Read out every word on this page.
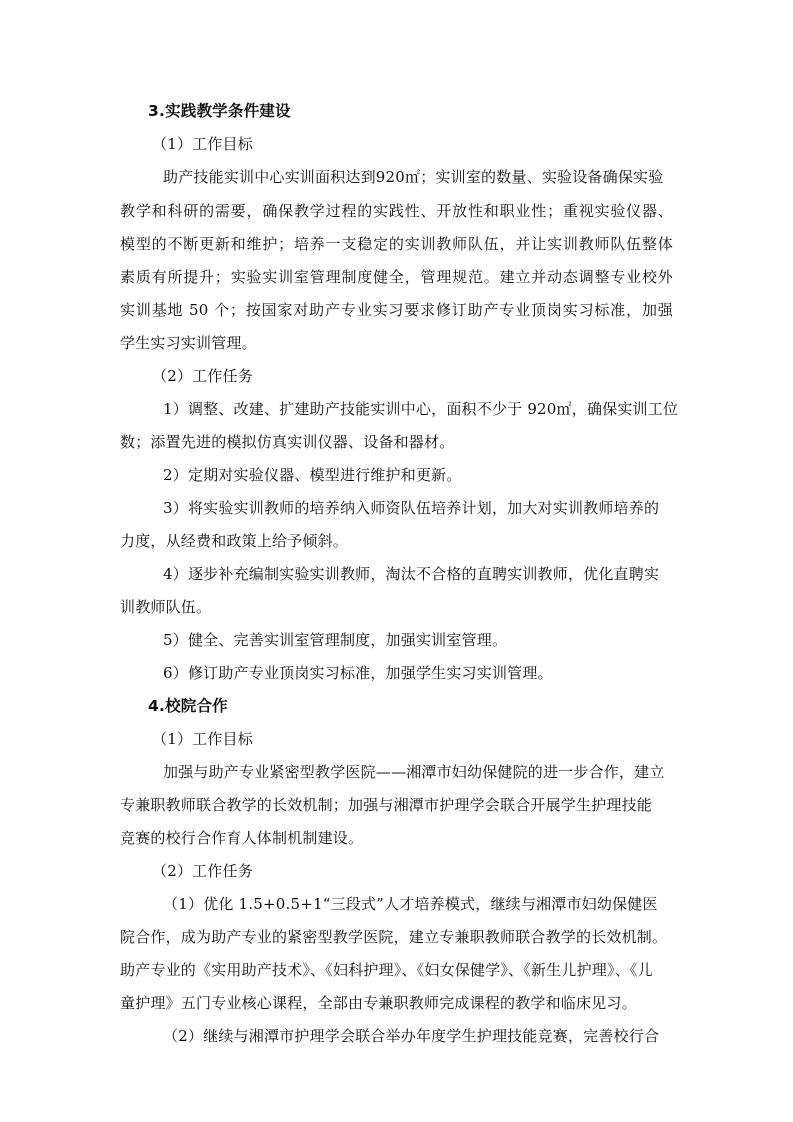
3.实践教学条件建设
（1）工作目标
助产技能实训中心实训面积达到920㎡；实训室的数量、实验设备确保实验
教学和科研的需要，确保教学过程的实践性、开放性和职业性；重视实验仪器、
模型的不断更新和维护；培养一支稳定的实训教师队伍，并让实训教师队伍整体
素质有所提升；实验实训室管理制度健全，管理规范。建立并动态调整专业校外
实训基地 50 个；按国家对助产专业实习要求修订助产专业顶岗实习标准，加强
学生实习实训管理。
（2）工作任务
1）调整、改建、扩建助产技能实训中心，面积不少于 920㎡，确保实训工位
数；添置先进的模拟仿真实训仪器、设备和器材。
2）定期对实验仪器、模型进行维护和更新。
3）将实验实训教师的培养纳入师资队伍培养计划，加大对实训教师培养的
力度，从经费和政策上给予倾斜。
4）逐步补充编制实验实训教师，淘汰不合格的直聘实训教师，优化直聘实
训教师队伍。
5）健全、完善实训室管理制度，加强实训室管理。
6）修订助产专业顶岗实习标准，加强学生实习实训管理。
4.校院合作
（1）工作目标
加强与助产专业紧密型教学医院——湘潭市妇幼保健院的进一步合作，建立
专兼职教师联合教学的长效机制；加强与湘潭市护理学会联合开展学生护理技能
竞赛的校行合作育人体制机制建设。
（2）工作任务
（1）优化 1.5+0.5+1“三段式”人才培养模式，继续与湘潭市妇幼保健医
院合作，成为助产专业的紧密型教学医院，建立专兼职教师联合教学的长效机制。
助产专业的《实用助产技术》、《妇科护理》、《妇女保健学》、《新生儿护理》、《儿
童护理》五门专业核心课程，全部由专兼职教师完成课程的教学和临床见习。
（2）继续与湘潭市护理学会联合举办年度学生护理技能竞赛，完善校行合
